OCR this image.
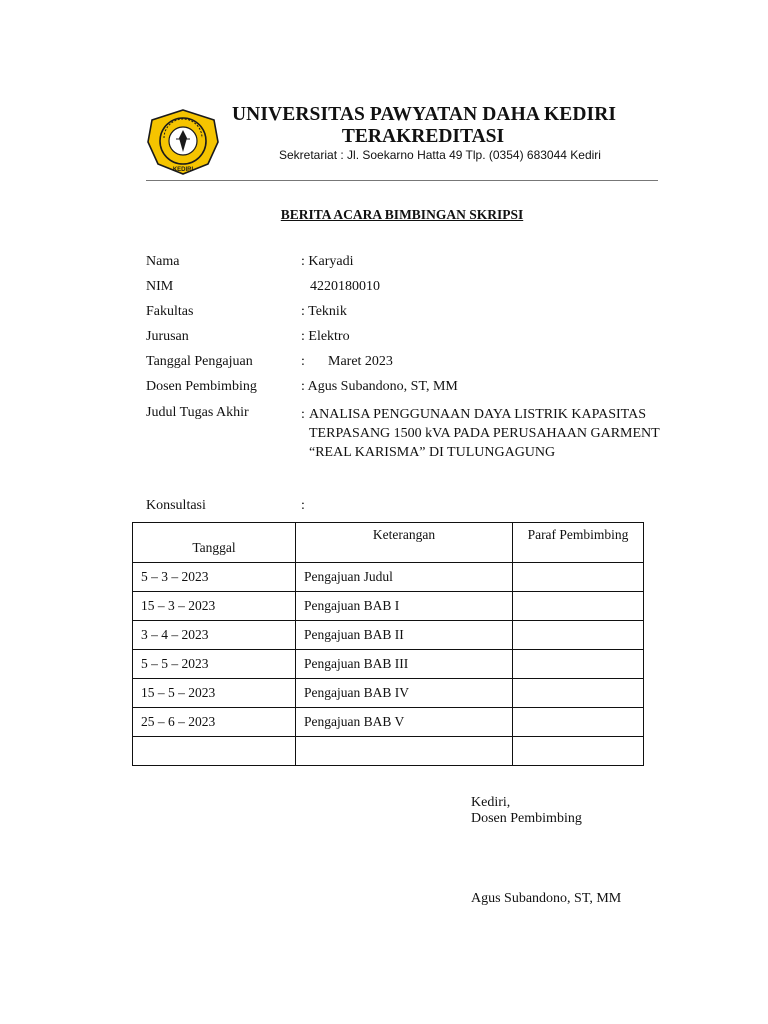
KEDIRI
UNIVERSITAS PAWYATAN DAHA KEDIRI
TERAKREDITASI
Sekretariat : Jl. Soekarno Hatta 49 Tlp. (0354) 683044 Kediri
BERITA ACARA BIMBINGAN SKRIPSI
Nama	: Karyadi
NIM	4220180010
Fakultas	: Teknik
Jurusan	: Elektro
Tanggal Pengajuan	: Maret 2023
Dosen Pembimbing	: Agus Subandono, ST, MM
Judul Tugas Akhir	: ANALISA PENGGUNAAN DAYA LISTRIK KAPASITAS TERPASANG 1500 kVA PADA PERUSAHAAN GARMENT “REAL KARISMA” DI TULUNGAGUNG
Konsultasi	:
Tanggal	Keterangan	Paraf Pembimbing
5 – 3 – 2023	Pengajuan Judul	
15 – 3 – 2023	Pengajuan BAB I	
3 – 4 – 2023	Pengajuan BAB II	
5 – 5 – 2023	Pengajuan BAB III	
15 – 5 – 2023	Pengajuan BAB IV	
25 – 6 – 2023	Pengajuan BAB V	

Kediri,
Dosen Pembimbing
Agus Subandono, ST, MM
